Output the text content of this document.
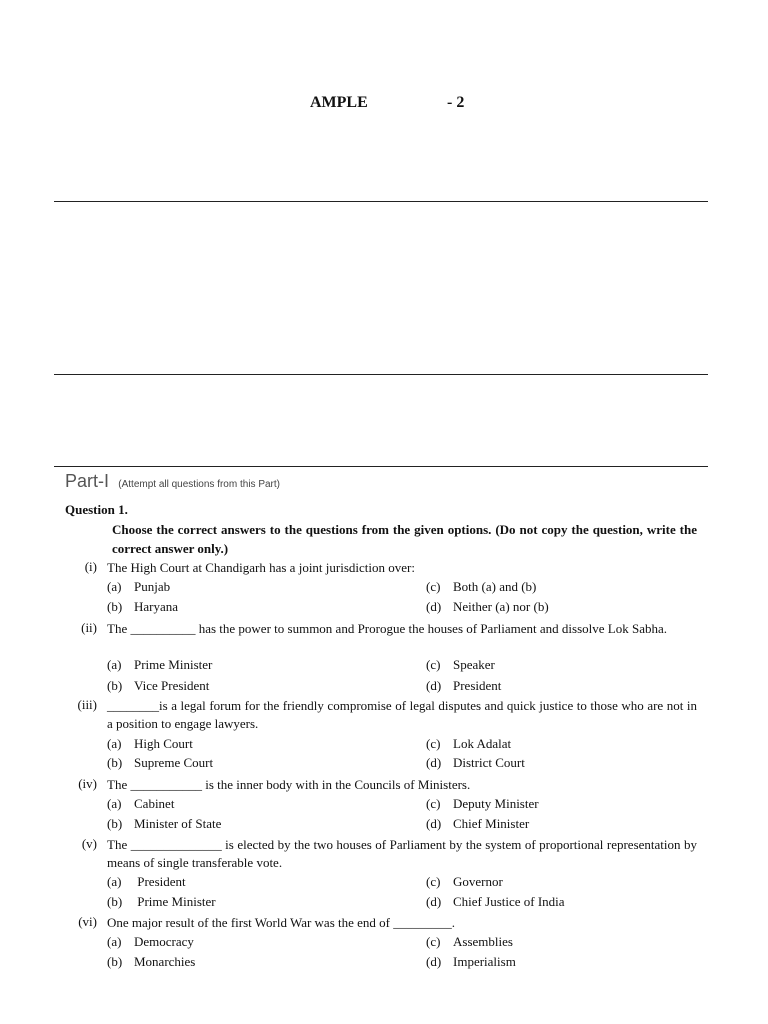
AMPLE	- 2
Part-I (Attempt all questions from this Part)
Question 1.
Choose the correct answers to the questions from the given options. (Do not copy the question, write the correct answer only.)
(i) The High Court at Chandigarh has a joint jurisdiction over:
(a) Punjab
(b) Haryana
(c) Both (a) and (b)
(d) Neither (a) nor (b)
(ii) The __________ has the power to summon and Prorogue the houses of Parliament and dissolve Lok Sabha.
(a) Prime Minister
(b) Vice President
(c) Speaker
(d) President
(iii) ________is a legal forum for the friendly compromise of legal disputes and quick justice to those who are not in a position to engage lawyers.
(a) High Court
(b) Supreme Court
(c) Lok Adalat
(d) District Court
(iv) The ___________ is the inner body with in the Councils of Ministers.
(a) Cabinet
(b) Minister of State
(c) Deputy Minister
(d) Chief Minister
(v) The ______________ is elected by the two houses of Parliament by the system of proportional representation by means of single transferable vote.
(a) President
(b) Prime Minister
(c) Governor
(d) Chief Justice of India
(vi) One major result of the first World War was the end of _________.
(a) Democracy
(b) Monarchies
(c) Assemblies
(d) Imperialism
